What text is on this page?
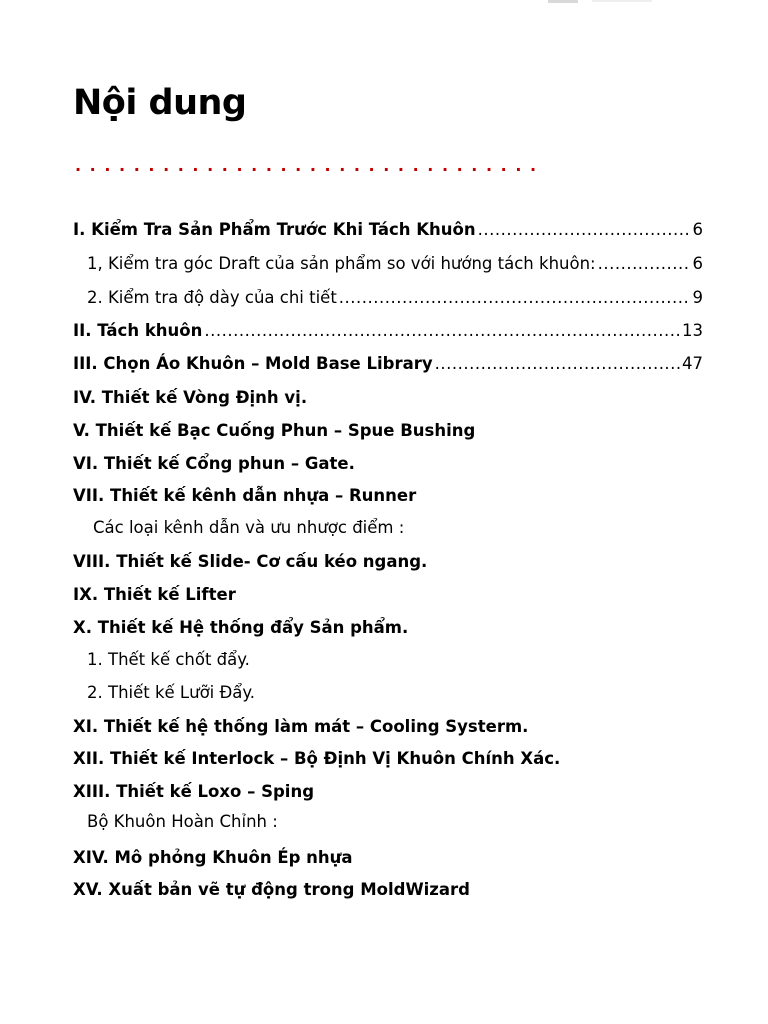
Nội dung
................................
I. Kiểm Tra Sản Phẩm Trước Khi Tách Khuôn .....	6
1, Kiểm tra góc Draft của sản phẩm so với hướng tách khuôn: .....	6
2. Kiểm tra độ dày của chi tiết .....	9
II. Tách khuôn .....	13
III. Chọn Áo Khuôn – Mold Base Library .....	47
IV. Thiết kế Vòng Định vị.
V. Thiết kế Bạc Cuống Phun – Spue Bushing
VI. Thiết kế Cổng phun – Gate.
VII. Thiết kế kênh dẫn nhựa – Runner
Các loại kênh dẫn và ưu nhược điểm :
VIII. Thiết kế Slide- Cơ cấu kéo ngang.
IX. Thiết kế Lifter
X. Thiết kế Hệ thống đẩy Sản phẩm.
1. Thết kế chốt đẩy.
2. Thiết kế Lưỡi Đẩy.
XI. Thiết kế hệ thống làm mát – Cooling Systerm.
XII. Thiết kế Interlock – Bộ Định Vị Khuôn Chính Xác.
XIII. Thiết kế Loxo – Sping
Bộ Khuôn Hoàn Chỉnh :
XIV. Mô phỏng Khuôn Ép nhựa
XV. Xuất bản vẽ tự động trong MoldWizard
